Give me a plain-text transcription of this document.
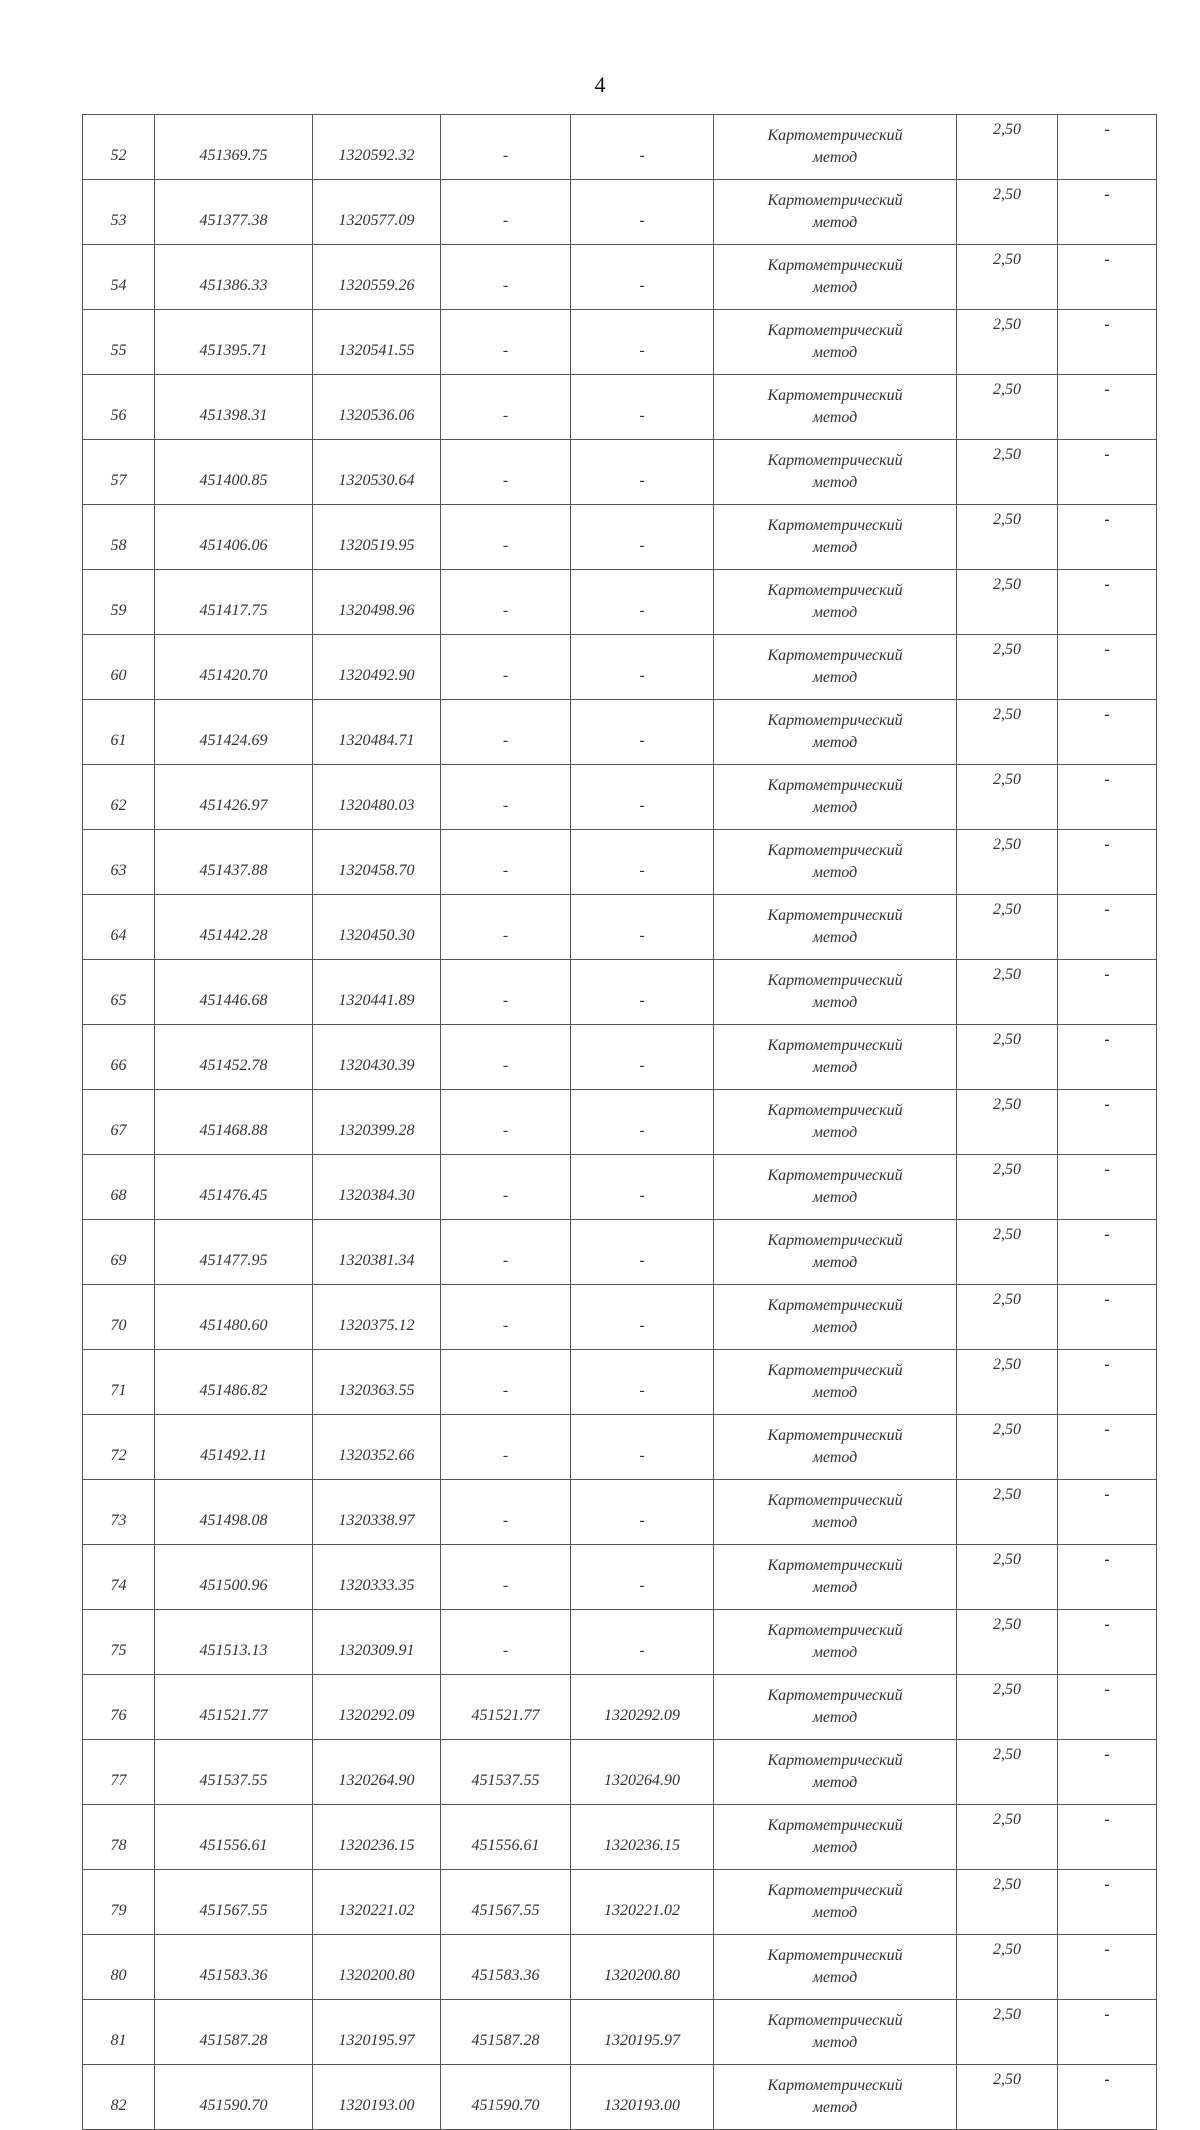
4
52	451369.75	1320592.32	-	-	Картометрический
метод	2,50	-
53	451377.38	1320577.09	-	-	Картометрический
метод	2,50	-
54	451386.33	1320559.26	-	-	Картометрический
метод	2,50	-
55	451395.71	1320541.55	-	-	Картометрический
метод	2,50	-
56	451398.31	1320536.06	-	-	Картометрический
метод	2,50	-
57	451400.85	1320530.64	-	-	Картометрический
метод	2,50	-
58	451406.06	1320519.95	-	-	Картометрический
метод	2,50	-
59	451417.75	1320498.96	-	-	Картометрический
метод	2,50	-
60	451420.70	1320492.90	-	-	Картометрический
метод	2,50	-
61	451424.69	1320484.71	-	-	Картометрический
метод	2,50	-
62	451426.97	1320480.03	-	-	Картометрический
метод	2,50	-
63	451437.88	1320458.70	-	-	Картометрический
метод	2,50	-
64	451442.28	1320450.30	-	-	Картометрический
метод	2,50	-
65	451446.68	1320441.89	-	-	Картометрический
метод	2,50	-
66	451452.78	1320430.39	-	-	Картометрический
метод	2,50	-
67	451468.88	1320399.28	-	-	Картометрический
метод	2,50	-
68	451476.45	1320384.30	-	-	Картометрический
метод	2,50	-
69	451477.95	1320381.34	-	-	Картометрический
метод	2,50	-
70	451480.60	1320375.12	-	-	Картометрический
метод	2,50	-
71	451486.82	1320363.55	-	-	Картометрический
метод	2,50	-
72	451492.11	1320352.66	-	-	Картометрический
метод	2,50	-
73	451498.08	1320338.97	-	-	Картометрический
метод	2,50	-
74	451500.96	1320333.35	-	-	Картометрический
метод	2,50	-
75	451513.13	1320309.91	-	-	Картометрический
метод	2,50	-
76	451521.77	1320292.09	451521.77	1320292.09	Картометрический
метод	2,50	-
77	451537.55	1320264.90	451537.55	1320264.90	Картометрический
метод	2,50	-
78	451556.61	1320236.15	451556.61	1320236.15	Картометрический
метод	2,50	-
79	451567.55	1320221.02	451567.55	1320221.02	Картометрический
метод	2,50	-
80	451583.36	1320200.80	451583.36	1320200.80	Картометрический
метод	2,50	-
81	451587.28	1320195.97	451587.28	1320195.97	Картометрический
метод	2,50	-
82	451590.70	1320193.00	451590.70	1320193.00	Картометрический
метод	2,50	-
